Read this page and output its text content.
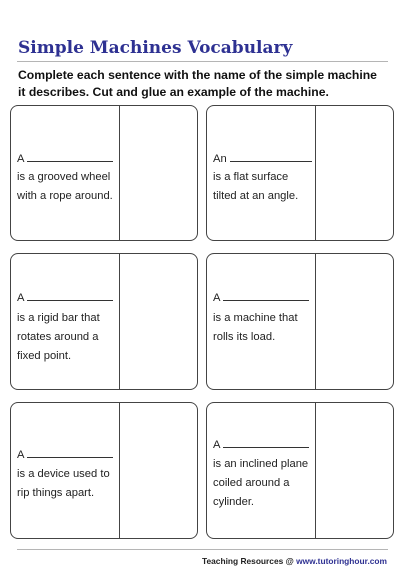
Simple Machines Vocabulary
Complete each sentence with the name of the simple machine
it describes. Cut and glue an example of the machine.
A
is a grooved wheel
with a rope around.
An
is a flat surface
tilted at an angle.
A
is a rigid bar that
rotates around a
fixed point.
A
is a machine that
rolls its load.
A
is a device used to
rip things apart.
A
is an inclined plane
coiled around a
cylinder.
Teaching Resources @ www.tutoringhour.com
